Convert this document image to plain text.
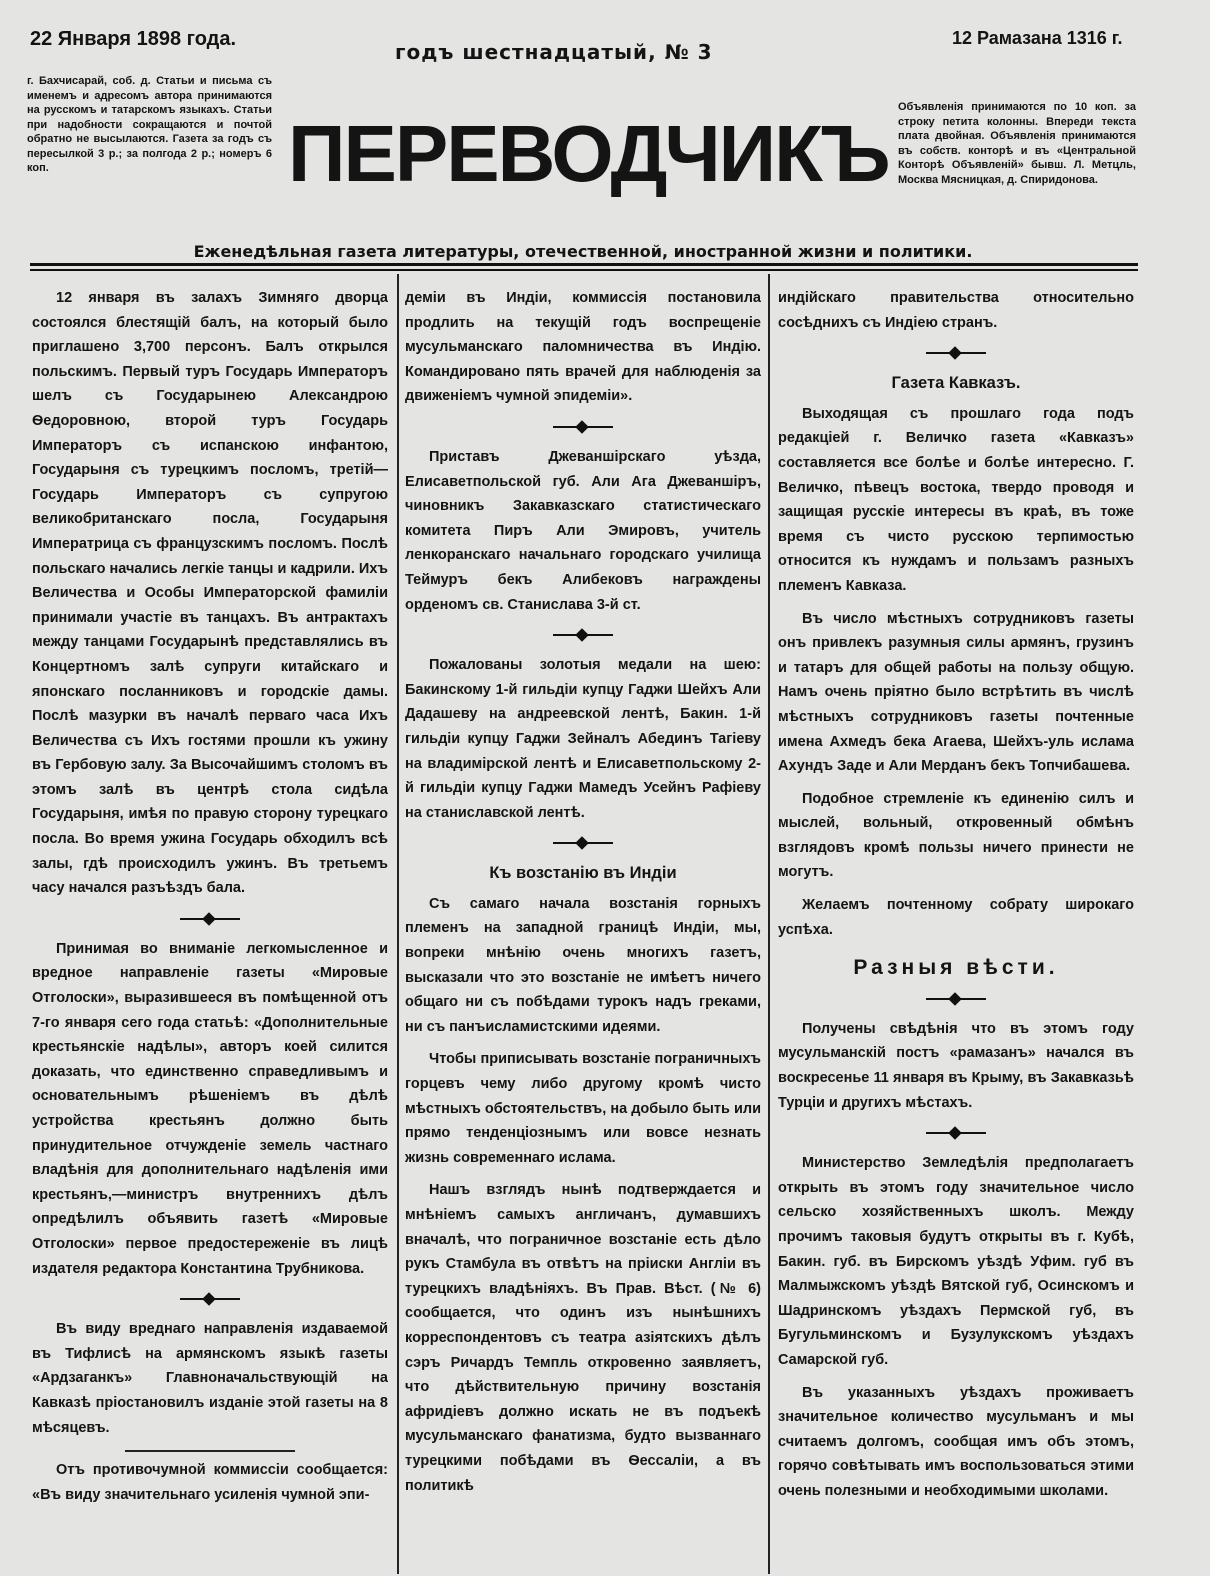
22 Января 1898 года.
годъ шестнадцатый, № 3
12 Рамазана 1316 г.
г. Бахчисарай, соб. д. Статьи и письма съ именемъ и адресомъ автора принимаются на русскомъ и татарскомъ языкахъ. Статьи при надобности сокращаются и почтой обратно не высылаются. Газета за годъ съ пересылкой 3 р.; за полгода 2 р.; номеръ 6 коп.	ПЕРЕВОДЧИКЪ
Объявленія принимаются по 10 коп. за строку петита колонны. Впереди текста плата двойная. Объявленія принимаются въ собств. конторѣ и въ «Центральной Конторѣ Объявленій» бывш. Л. Метцль, Москва Мясницкая, д. Спиридонова.
Еженедѣльная газета литературы, отечественной, иностранной жизни и политики.

12 января въ залахъ Зимняго дворца состоялся блестящій балъ, на который было приглашено 3,700 персонъ. Балъ открылся польскимъ. Первый туръ Государь Императоръ шелъ съ Государынею Александрою Ѳедоровною, второй туръ Государь Императоръ съ испанскою инфантою, Государыня съ турецкимъ посломъ, третій—Государь Императоръ съ супругою великобританскаго посла, Государыня Императрица съ французскимъ посломъ. Послѣ польскаго начались легкіе танцы и кадрили. Ихъ Величества и Особы Императорской фамиліи принимали участіе въ танцахъ. Въ антрактахъ между танцами Государынѣ представлялись въ Концертномъ залѣ супруги китайскаго и японскаго посланниковъ и городскіе дамы. Послѣ мазурки въ началѣ перваго часа Ихъ Величества съ Ихъ гостями прошли къ ужину въ Гербовую залу. За Высочайшимъ столомъ въ этомъ залѣ въ центрѣ стола сидѣла Государыня, имѣя по правую сторону турецкаго посла. Во время ужина Государь обходилъ всѣ залы, гдѣ происходилъ ужинъ. Въ третьемъ часу начался разъѣздъ бала.

Принимая во вниманіе легкомысленное и вредное направленіе газеты «Мировые Отголоски», выразившееся въ помѣщенной отъ 7-го января сего года статьѣ: «Дополнительные крестьянскіе надѣлы», авторъ коей силится доказать, что единственно справедливымъ и основательнымъ рѣшеніемъ въ дѣлѣ устройства крестьянъ должно быть принудительное отчужденіе земель частнаго владѣнія для дополнительнаго надѣленія ими крестьянъ,—министръ внутреннихъ дѣлъ опредѣлилъ объявить газетѣ «Мировые Отголоски» первое предостереженіе въ лицѣ издателя редактора Константина Трубникова.

Въ виду вреднаго направленія издаваемой въ Тифлисѣ на армянскомъ языкѣ газеты «Ардзаганкъ» Главноначальствующій на Кавказѣ пріостановилъ изданіе этой газеты на 8 мѣсяцевъ.

Отъ противочумной коммиссіи сообщается: «Въ виду значительнаго усиленія чумной эпи-

деміи въ Индіи, коммиссія постановила продлить на текущій годъ воспрещеніе мусульманскаго паломничества въ Индію. Командировано пять врачей для наблюденія за движеніемъ чумной эпидеміи».

Приставъ Джеваншірскаго уѣзда, Елисаветпольской губ. Али Ага Джеваншіръ, чиновникъ Закавказскаго статистическаго комитета Пиръ Али Эмировъ, учитель ленкоранскаго начальнаго городскаго училища Теймуръ бекъ Алибековъ награждены орденомъ св. Станислава 3-й ст.

Пожалованы золотыя медали на шею: Бакинскому 1-й гильдіи купцу Гаджи Шейхъ Али Дадашеву на андреевской лентѣ, Бакин. 1-й гильдіи купцу Гаджи Зейналъ Абединъ Тагіеву на владимірской лентѣ и Елисаветпольскому 2-й гильдіи купцу Гаджи Мамедъ Усейнъ Рафіеву на станиславской лентѣ.

Къ возстанію въ Индіи

Съ самаго начала возстанія горныхъ племенъ на западной границѣ Индіи, мы, вопреки мнѣнію очень многихъ газетъ, высказали что это возстаніе не имѣетъ ничего общаго ни съ побѣдами турокъ надъ греками, ни съ панъисламистскими идеями.

Чтобы приписывать возстаніе пограничныхъ горцевъ чему либо другому кромѣ чисто мѣстныхъ обстоятельствъ, на добыло быть или прямо тенденціознымъ или вовсе незнать жизнь современнаго ислама.

Нашъ взглядъ нынѣ подтверждается и мнѣніемъ самыхъ англичанъ, думавшихъ вначалѣ, что пограничное возстаніе есть дѣло рукъ Стамбула въ отвѣтъ на пріиски Англіи въ турецкихъ владѣніяхъ. Въ Прав. Вѣст. (№ 6) сообщается, что одинъ изъ нынѣшнихъ корреспондентовъ съ театра азіятскихъ дѣлъ сэръ Ричардъ Темпль откровенно заявляетъ, что дѣйствительную причину возстанія афридіевъ должно искать не въ подъекѣ мусульманскаго фанатизма, будто вызваннаго турецкими побѣдами въ Ѳессаліи, а въ политикѣ

индійскаго правительства относительно сосѣднихъ съ Индіею странъ.

Газета Кавказъ.

Выходящая съ прошлаго года подъ редакціей г. Величко газета «Кавказъ» составляется все болѣе и болѣе интересно. Г. Величко, пѣвецъ востока, твердо проводя и защищая русскіе интересы въ краѣ, въ тоже время съ чисто русскою терпимостью относится къ нуждамъ и пользамъ разныхъ племенъ Кавказа.

Въ число мѣстныхъ сотрудниковъ газеты онъ привлекъ разумныя силы армянъ, грузинъ и татаръ для общей работы на пользу общую. Намъ очень пріятно было встрѣтить въ числѣ мѣстныхъ сотрудниковъ газеты почтенные имена Ахмедъ бека Агаева, Шейхъ-уль ислама Ахундъ Заде и Али Мерданъ бекъ Топчибашева.

Подобное стремленіе къ единенію силъ и мыслей, вольный, откровенный обмѣнъ взглядовъ кромѣ пользы ничего принести не могутъ.

Желаемъ почтенному собрату широкаго успѣха.

Разныя вѣсти.

Получены свѣдѣнія что въ этомъ году мусульманскій постъ «рамазанъ» начался въ воскресенье 11 января въ Крыму, въ Закавказьѣ Турціи и другихъ мѣстахъ.

Министерство Земледѣлія предполагаетъ открыть въ этомъ году значительное число сельско хозяйственныхъ школъ. Между прочимъ таковыя будутъ открыты въ г. Кубѣ, Бакин. губ. въ Бирскомъ уѣздѣ Уфим. губ въ Малмыжскомъ уѣздѣ Вятской губ, Осинскомъ и Шадринскомъ уѣздахъ Пермской губ, въ Бугульминскомъ и Бузулукскомъ уѣздахъ Самарской губ.

Въ указанныхъ уѣздахъ проживаетъ значительное количество мусульманъ и мы считаемъ долгомъ, сообщая имъ объ этомъ, горячо совѣтывать имъ воспользоваться этими очень полезными и необходимыми школами.
